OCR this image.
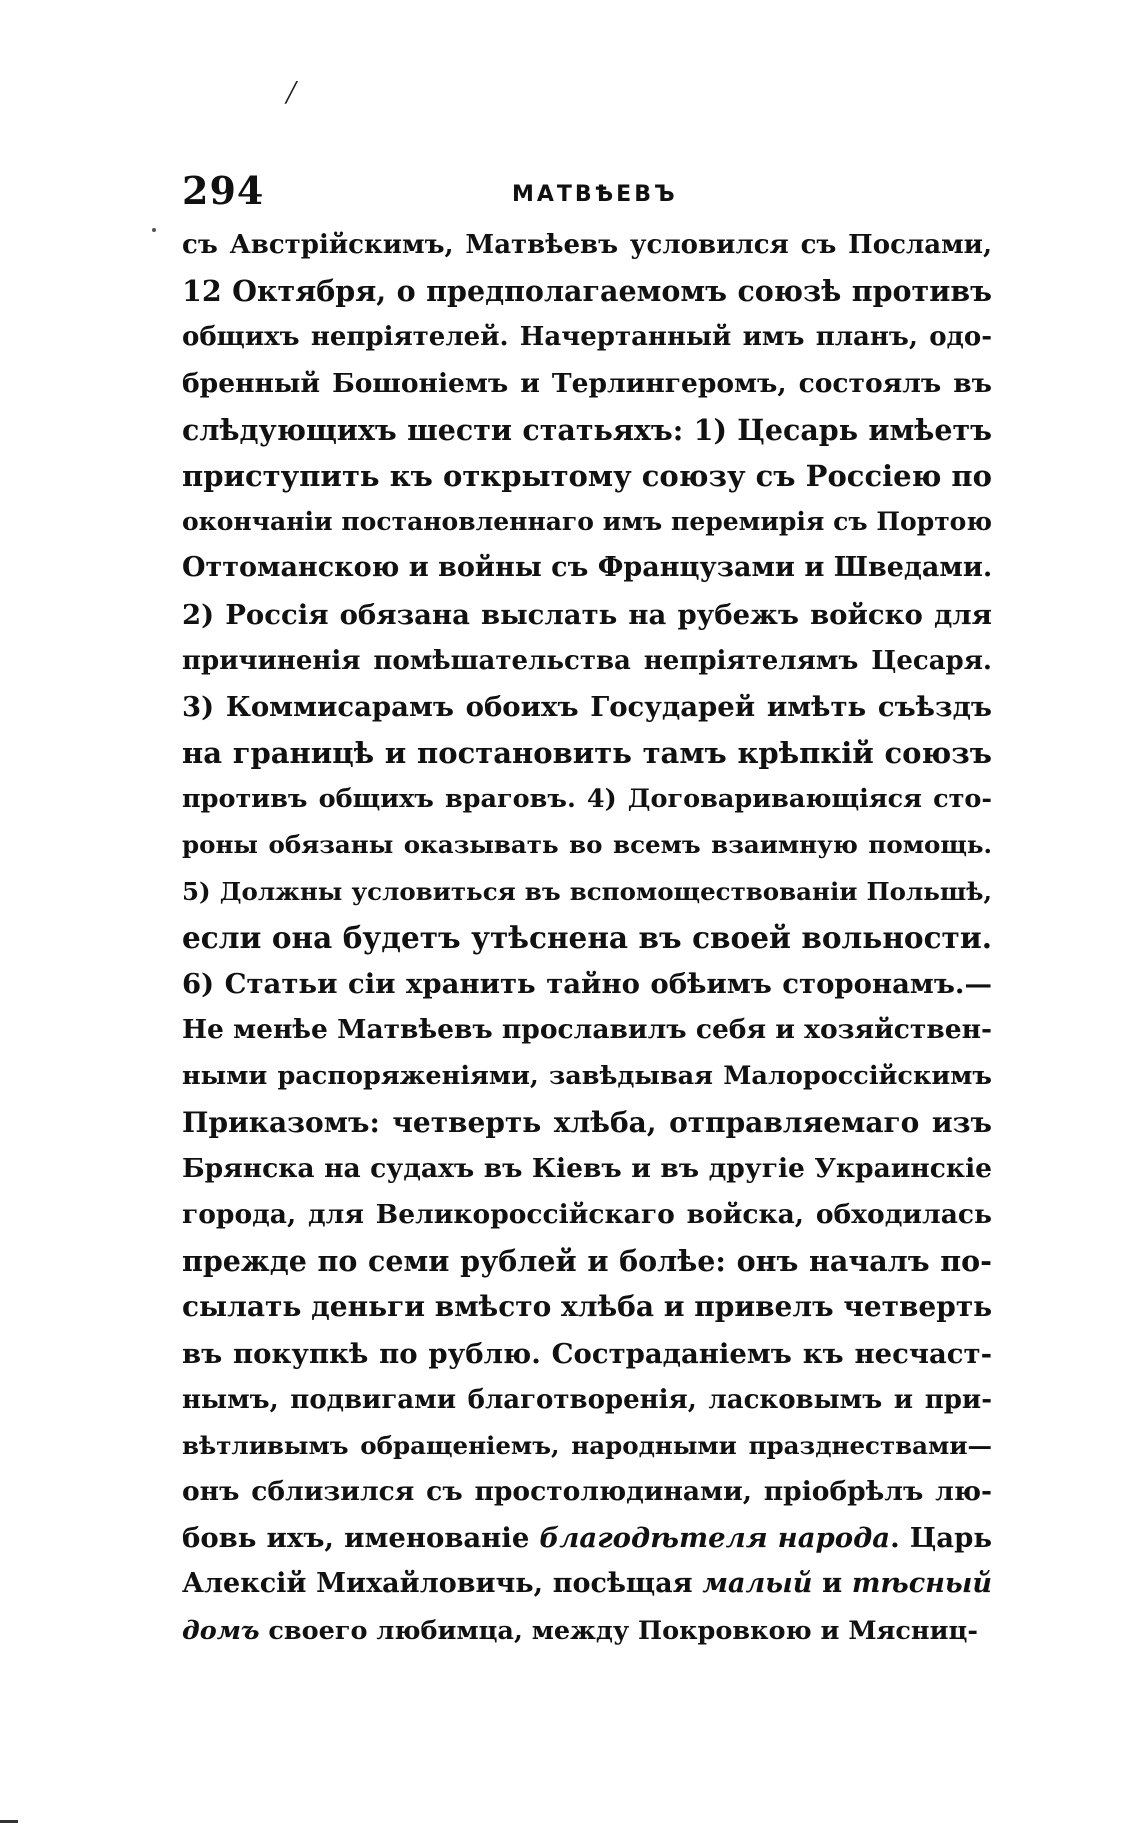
/
294	МАТВѢЕВЪ
съ Австрійскимъ, Матвѣевъ условился съ Послами,
12 Октября, о предполагаемомъ союзѣ противъ
общихъ непріятелей. Начертанный имъ планъ, одо-
бренный Бошоніемъ и Терлингеромъ, состоялъ въ
слѣдующихъ шести статьяхъ: 1) Цесарь имѣетъ
приступить къ открытому союзу съ Россіею по
окончаніи постановленнаго имъ перемирія съ Портою
Оттоманскою и войны съ Французами и Шведами.
2) Россія обязана выслать на рубежъ войско для
причиненія помѣшательства непріятелямъ Цесаря.
3) Коммисарамъ обоихъ Государей имѣть съѣздъ
на границѣ и постановить тамъ крѣпкій союзъ
противъ общихъ враговъ. 4) Договаривающіяся сто-
роны обязаны оказывать во всемъ взаимную помощь.
5) Должны условиться въ вспомоществованіи Польшѣ,
если она будетъ утѣснена въ своей вольности.
6) Статьи сіи хранить тайно обѣимъ сторонамъ.—
Не менѣе Матвѣевъ прославилъ себя и хозяйствен-
ными распоряженіями, завѣдывая Малороссійскимъ
Приказомъ: четверть хлѣба, отправляемаго изъ
Брянска на судахъ въ Кіевъ и въ другіе Украинскіе
города, для Великороссійскаго войска, обходилась
прежде по семи рублей и болѣе: онъ началъ по-
сылать деньги вмѣсто хлѣба и привелъ четверть
въ покупкѣ по рублю. Состраданіемъ къ несчаст-
нымъ, подвигами благотворенія, ласковымъ и при-
вѣтливымъ обращеніемъ, народными празднествами—
онъ сблизился съ простолюдинами, пріобрѣлъ лю-
бовь ихъ, именованіе благодѣтеля народа. Царь
Алексій Михайловичь, посѣщая малый и тѣсный
домъ своего любимца, между Покровкою и Мясниц-
